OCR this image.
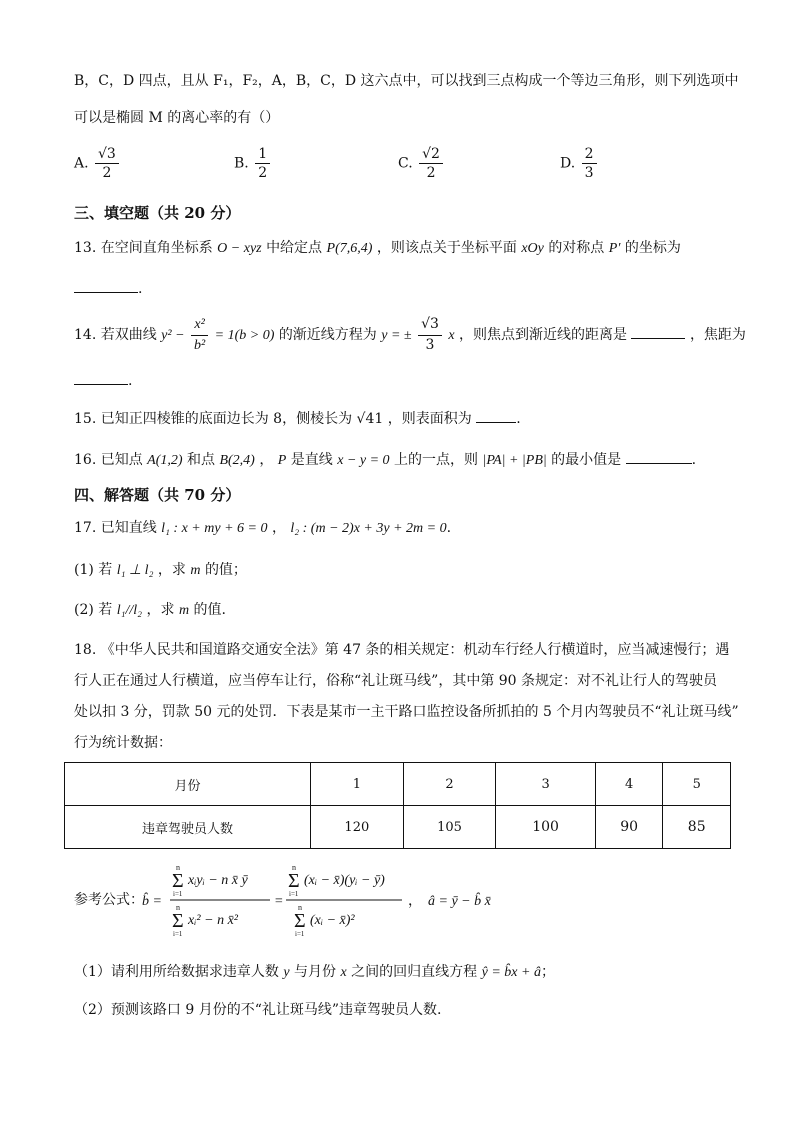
B，C，D 四点，且从 F₁，F₂，A，B，C，D 这六点中，可以找到三点构成一个等边三角形，则下列选项中
可以是椭圆 M 的离心率的有（）
A. $\frac{√3}{2}$	B. $\frac{1}{2}$	C. $\frac{√2}{2}$	D. $\frac{2}{3}$
三、填空题（共 20 分）
13. 在空间直角坐标系 O − xyz 中给定点 P(7,6,4) ，则该点关于坐标平面 xOy 的对称点 P′ 的坐标为
.
14. 若双曲线 $y^2 - \frac{\text{x²}}{\text{b²}} = 1(b > 0)$ 的渐近线方程为 y = ± $\frac{√3}{3}$ x ，则焦点到渐近线的距离是	，焦距为
.
15. 已知正四棱锥的底面边长为 8，侧棱长为 √41 ，则表面积为	.
16. 已知点 A(1,2) 和点 B(2,4) ， P 是直线 x − y = 0 上的一点，则 |PA| + |PB| 的最小值是	.
四、解答题（共 70 分）
17. 已知直线 l₁ : x + my + 6 = 0 ， l₂ : (m − 2)x + 3y + 2m = 0.
(1) 若 l₁ ⊥ l₂ ，求 m 的值；
(2) 若 l₁//l₂ ，求 m 的值.
18. 《中华人民共和国道路交通安全法》第 47 条的相关规定：机动车行经人行横道时，应当减速慢行；遇
行人正在通过人行横道，应当停车让行，俗称“礼让斑马线”，其中第 90 条规定：对不礼让行人的驾驶员
处以扣 3 分，罚款 50 元的处罚．下表是某市一主干路口监控设备所抓拍的 5 个月内驾驶员不“礼让斑马线”
行为统计数据：
月份	1	2	3	4	5
违章驾驶员人数	120	105	100	90	85
参考公式：
b̂ =
n
Σ
i=1
xᵢyᵢ − n x̄ ȳ
n
Σ
i=1
xᵢ² − n x̄²
=
n
Σ
i=1
(xᵢ − x̄)(yᵢ − ȳ)
n
Σ
i=1
(xᵢ − x̄)²
， â = ȳ − b̂ x̄
（1）请利用所给数据求违章人数 y 与月份 x 之间的回归直线方程 ŷ = b̂x + â；
（2）预测该路口 9 月份的不“礼让斑马线”违章驾驶员人数.
